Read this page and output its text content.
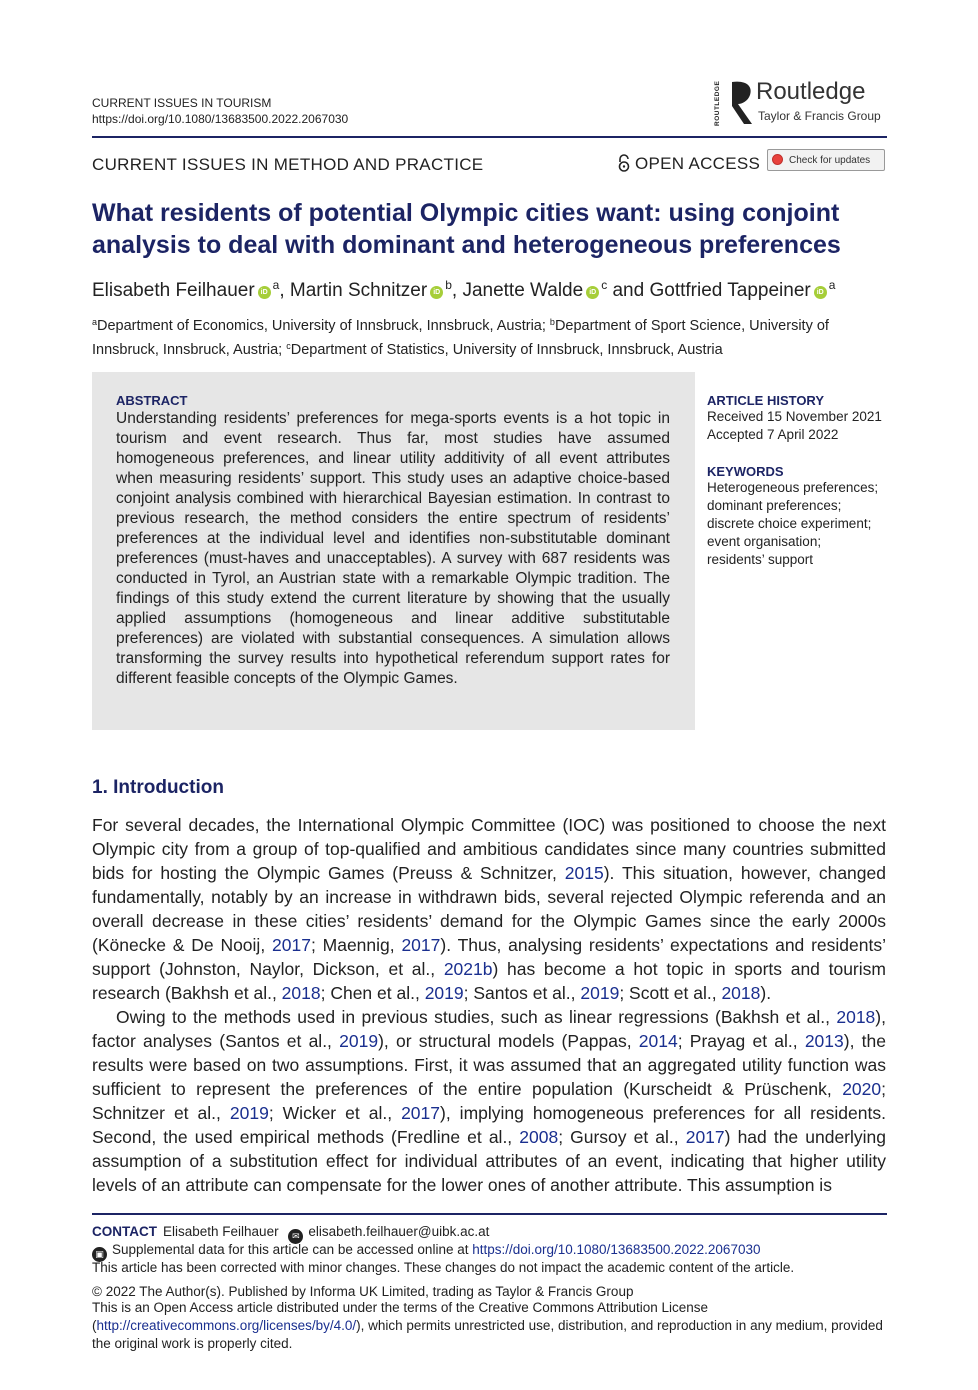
CURRENT ISSUES IN TOURISM
https://doi.org/10.1080/13683500.2022.2067030	ROUTLEDGE Routledge
Taylor & Francis Group
CURRENT ISSUES IN METHOD AND PRACTICE	OPEN ACCESS	Check for updates
What residents of potential Olympic cities want: using conjoint analysis to deal with dominant and heterogeneous preferences
Elisabeth Feilhauer $iD^a$, Martin Schnitzer $iD^b$, Janette Walde $iD^c$ and Gottfried Tappeiner $iD^a$
$^a$Department of Economics, University of Innsbruck, Innsbruck, Austria; $^b$Department of Sport Science, University of Innsbruck, Innsbruck, Austria; $^c$Department of Statistics, University of Innsbruck, Innsbruck, Austria
ABSTRACT
Understanding residents’ preferences for mega-sports events is a hot topic in tourism and event research. Thus far, most studies have assumed homogeneous preferences, and linear utility additivity of all event attributes when measuring residents’ support. This study uses an adaptive choice-based conjoint analysis combined with hierarchical Bayesian estimation. In contrast to previous research, the method considers the entire spectrum of residents’ preferences at the individual level and identifies non-substitutable dominant preferences (must-haves and unacceptables). A survey with 687 residents was conducted in Tyrol, an Austrian state with a remarkable Olympic tradition. The findings of this study extend the current literature by showing that the usually applied assumptions (homogeneous and linear additive substitutable preferences) are violated with substantial consequences. A simulation allows transforming the survey results into hypothetical referendum support rates for different feasible concepts of the Olympic Games.
ARTICLE HISTORY
Received 15 November 2021
Accepted 7 April 2022
KEYWORDS
Heterogeneous preferences;
dominant preferences;
discrete choice experiment;
event organisation;
residents’ support
1. Introduction

For several decades, the International Olympic Committee (IOC) was positioned to choose the next Olympic city from a group of top-qualified and ambitious candidates since many countries submitted bids for hosting the Olympic Games (Preuss & Schnitzer, 2015). This situation, however, changed fundamentally, notably by an increase in withdrawn bids, several rejected Olympic referenda and an overall decrease in these cities’ residents’ demand for the Olympic Games since the early 2000s (Könecke & De Nooij, 2017; Maennig, 2017). Thus, analysing residents’ expectations and residents’ support (Johnston, Naylor, Dickson, et al., 2021b) has become a hot topic in sports and tourism research (Bakhsh et al., 2018; Chen et al., 2019; Santos et al., 2019; Scott et al., 2018).

Owing to the methods used in previous studies, such as linear regressions (Bakhsh et al., 2018), factor analyses (Santos et al., 2019), or structural models (Pappas, 2014; Prayag et al., 2013), the results were based on two assumptions. First, it was assumed that an aggregated utility function was sufficient to represent the preferences of the entire population (Kurscheidt & Prüschenk, 2020; Schnitzer et al., 2019; Wicker et al., 2017), implying homogeneous preferences for all residents. Second, the used empirical methods (Fredline et al., 2008; Gursoy et al., 2017) had the underlying assumption of a substitution effect for individual attributes of an event, indicating that higher utility levels of an attribute can compensate for the lower ones of another attribute. This assumption is

CONTACT Elisabeth Feilhauer ✉ elisabeth.feilhauer@uibk.ac.at
▣ Supplemental data for this article can be accessed online at https://doi.org/10.1080/13683500.2022.2067030
This article has been corrected with minor changes. These changes do not impact the academic content of the article.
© 2022 The Author(s). Published by Informa UK Limited, trading as Taylor & Francis Group
This is an Open Access article distributed under the terms of the Creative Commons Attribution License (http://creativecommons.org/licenses/by/4.0/), which permits unrestricted use, distribution, and reproduction in any medium, provided the original work is properly cited.
